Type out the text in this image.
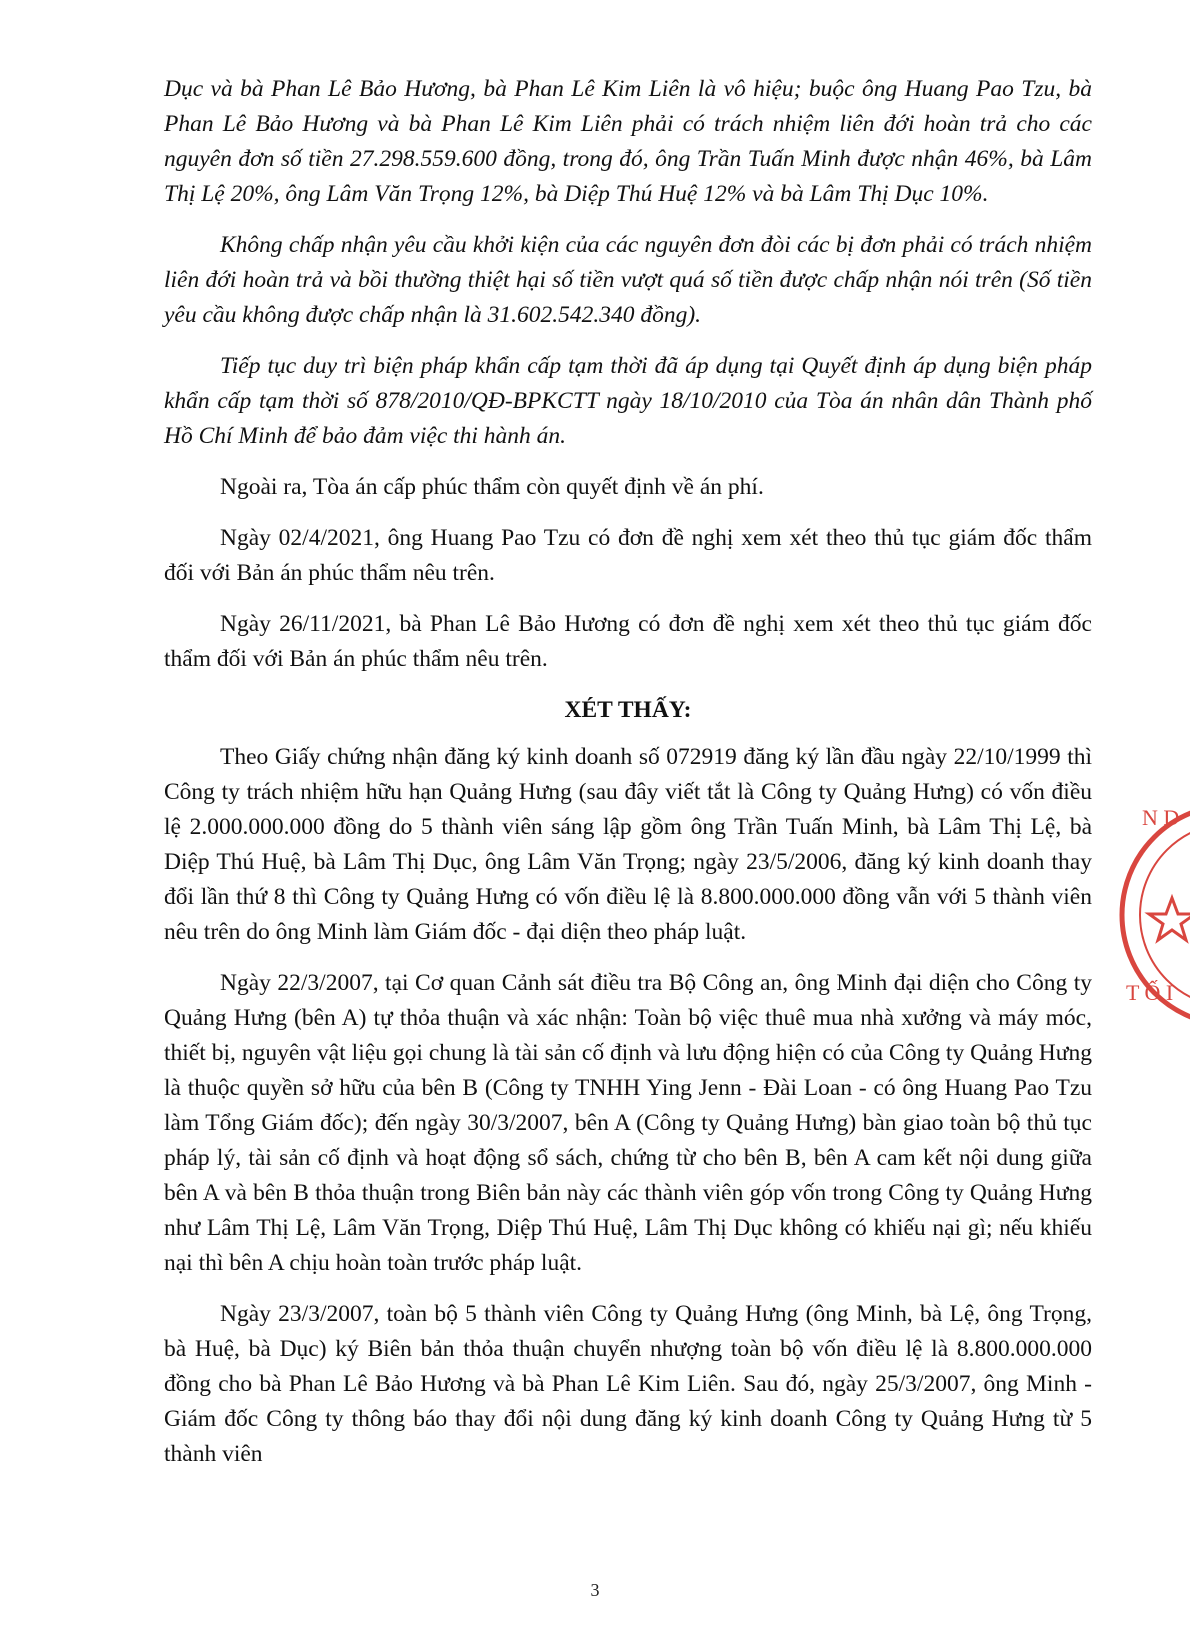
Dục và bà Phan Lê Bảo Hương, bà Phan Lê Kim Liên là vô hiệu; buộc ông Huang Pao Tzu, bà Phan Lê Bảo Hương và bà Phan Lê Kim Liên phải có trách nhiệm liên đới hoàn trả cho các nguyên đơn số tiền 27.298.559.600 đồng, trong đó, ông Trần Tuấn Minh được nhận 46%, bà Lâm Thị Lệ 20%, ông Lâm Văn Trọng 12%, bà Diệp Thú Huệ 12% và bà Lâm Thị Dục 10%.

Không chấp nhận yêu cầu khởi kiện của các nguyên đơn đòi các bị đơn phải có trách nhiệm liên đới hoàn trả và bồi thường thiệt hại số tiền vượt quá số tiền được chấp nhận nói trên (Số tiền yêu cầu không được chấp nhận là 31.602.542.340 đồng).

Tiếp tục duy trì biện pháp khẩn cấp tạm thời đã áp dụng tại Quyết định áp dụng biện pháp khẩn cấp tạm thời số 878/2010/QĐ-BPKCTT ngày 18/10/2010 của Tòa án nhân dân Thành phố Hồ Chí Minh để bảo đảm việc thi hành án.

Ngoài ra, Tòa án cấp phúc thẩm còn quyết định về án phí.

Ngày 02/4/2021, ông Huang Pao Tzu có đơn đề nghị xem xét theo thủ tục giám đốc thẩm đối với Bản án phúc thẩm nêu trên.

Ngày 26/11/2021, bà Phan Lê Bảo Hương có đơn đề nghị xem xét theo thủ tục giám đốc thẩm đối với Bản án phúc thẩm nêu trên.

XÉT THẤY:

Theo Giấy chứng nhận đăng ký kinh doanh số 072919 đăng ký lần đầu ngày 22/10/1999 thì Công ty trách nhiệm hữu hạn Quảng Hưng (sau đây viết tắt là Công ty Quảng Hưng) có vốn điều lệ 2.000.000.000 đồng do 5 thành viên sáng lập gồm ông Trần Tuấn Minh, bà Lâm Thị Lệ, bà Diệp Thú Huệ, bà Lâm Thị Dục, ông Lâm Văn Trọng; ngày 23/5/2006, đăng ký kinh doanh thay đổi lần thứ 8 thì Công ty Quảng Hưng có vốn điều lệ là 8.800.000.000 đồng vẫn với 5 thành viên nêu trên do ông Minh làm Giám đốc - đại diện theo pháp luật.

Ngày 22/3/2007, tại Cơ quan Cảnh sát điều tra Bộ Công an, ông Minh đại diện cho Công ty Quảng Hưng (bên A) tự thỏa thuận và xác nhận: Toàn bộ việc thuê mua nhà xưởng và máy móc, thiết bị, nguyên vật liệu gọi chung là tài sản cố định và lưu động hiện có của Công ty Quảng Hưng là thuộc quyền sở hữu của bên B (Công ty TNHH Ying Jenn - Đài Loan - có ông Huang Pao Tzu làm Tổng Giám đốc); đến ngày 30/3/2007, bên A (Công ty Quảng Hưng) bàn giao toàn bộ thủ tục pháp lý, tài sản cố định và hoạt động sổ sách, chứng từ cho bên B, bên A cam kết nội dung giữa bên A và bên B thỏa thuận trong Biên bản này các thành viên góp vốn trong Công ty Quảng Hưng như Lâm Thị Lệ, Lâm Văn Trọng, Diệp Thú Huệ, Lâm Thị Dục không có khiếu nại gì; nếu khiếu nại thì bên A chịu hoàn toàn trước pháp luật.

Ngày 23/3/2007, toàn bộ 5 thành viên Công ty Quảng Hưng (ông Minh, bà Lệ, ông Trọng, bà Huệ, bà Dục) ký Biên bản thỏa thuận chuyển nhượng toàn bộ vốn điều lệ là 8.800.000.000 đồng cho bà Phan Lê Bảo Hương và bà Phan Lê Kim Liên. Sau đó, ngày 25/3/2007, ông Minh - Giám đốc Công ty thông báo thay đổi nội dung đăng ký kinh doanh Công ty Quảng Hưng từ 5 thành viên

N D
T Ố I
3
